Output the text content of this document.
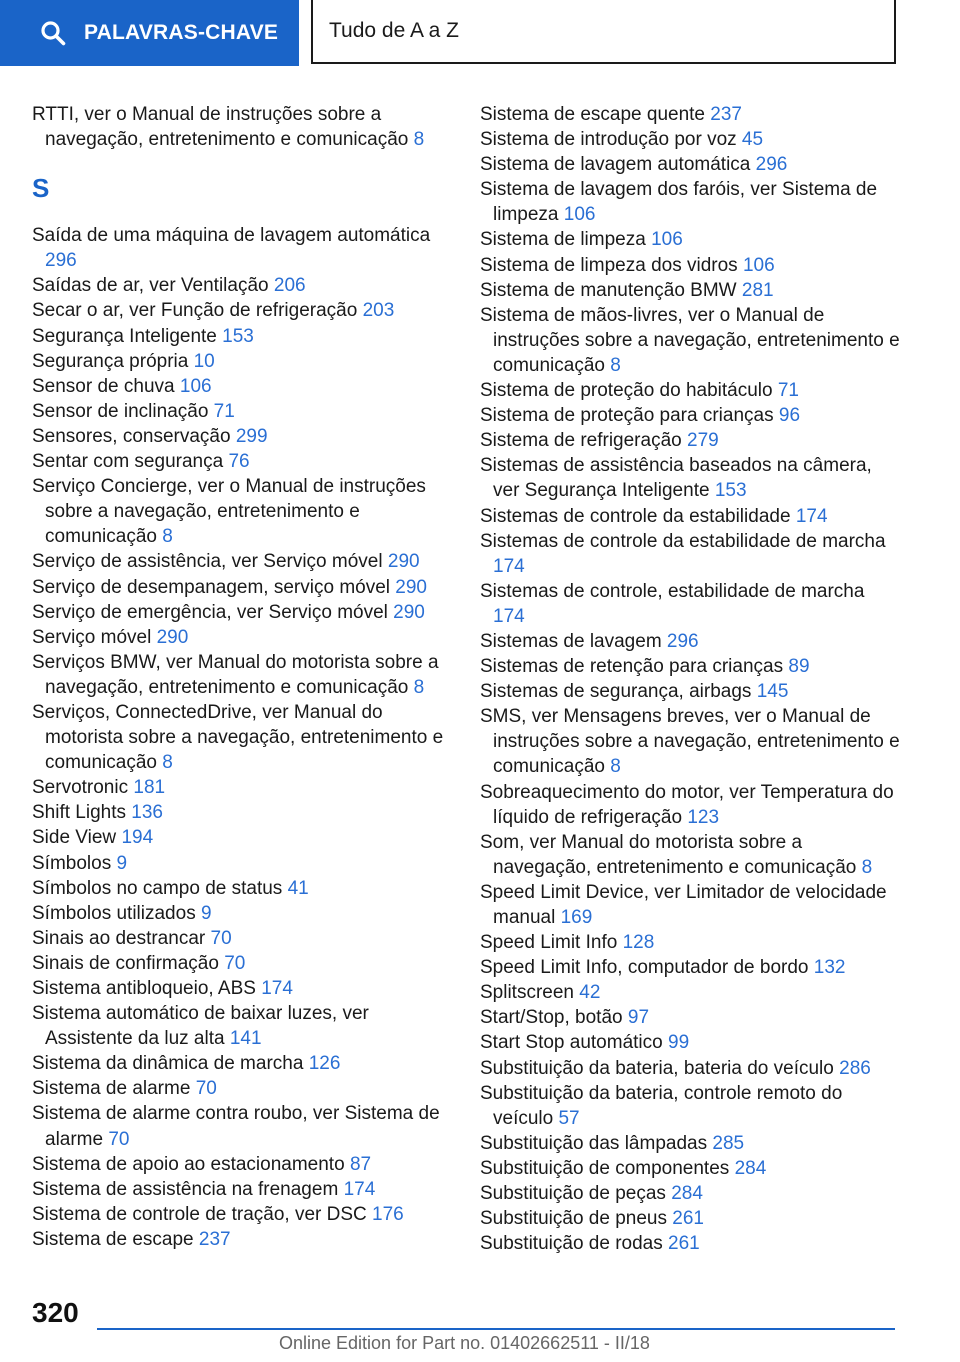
PALAVRAS-CHAVE Tudo de A a Z
RTTI, ver o Manual de instruções sobre a navegação, entretenimento e comunicação 8
S
Saída de uma máquina de lavagem automática 296
Saídas de ar, ver Ventilação 206
Secar o ar, ver Função de refrigeração 203
Segurança Inteligente 153
Segurança própria 10
Sensor de chuva 106
Sensor de inclinação 71
Sensores, conservação 299
Sentar com segurança 76
Serviço Concierge, ver o Manual de instruções sobre a navegação, entretenimento e comunicação 8
Serviço de assistência, ver Serviço móvel 290
Serviço de desempanagem, serviço móvel 290
Serviço de emergência, ver Serviço móvel 290
Serviço móvel 290
Serviços BMW, ver Manual do motorista sobre a navegação, entretenimento e comunicação 8
Serviços, ConnectedDrive, ver Manual do motorista sobre a navegação, entretenimento e comunicação 8
Servotronic 181
Shift Lights 136
Side View 194
Símbolos 9
Símbolos no campo de status 41
Símbolos utilizados 9
Sinais ao destrancar 70
Sinais de confirmação 70
Sistema antibloqueio, ABS 174
Sistema automático de baixar luzes, ver Assistente da luz alta 141
Sistema da dinâmica de marcha 126
Sistema de alarme 70
Sistema de alarme contra roubo, ver Sistema de alarme 70
Sistema de apoio ao estacionamento 87
Sistema de assistência na frenagem 174
Sistema de controle de tração, ver DSC 176
Sistema de escape 237
Sistema de escape quente 237
Sistema de introdução por voz 45
Sistema de lavagem automática 296
Sistema de lavagem dos faróis, ver Sistema de limpeza 106
Sistema de limpeza 106
Sistema de limpeza dos vidros 106
Sistema de manutenção BMW 281
Sistema de mãos-livres, ver o Manual de instruções sobre a navegação, entretenimento e comunicação 8
Sistema de proteção do habitáculo 71
Sistema de proteção para crianças 96
Sistema de refrigeração 279
Sistemas de assistência baseados na câmera, ver Segurança Inteligente 153
Sistemas de controle da estabilidade 174
Sistemas de controle da estabilidade de marcha 174
Sistemas de controle, estabilidade de marcha 174
Sistemas de lavagem 296
Sistemas de retenção para crianças 89
Sistemas de segurança, airbags 145
SMS, ver Mensagens breves, ver o Manual de instruções sobre a navegação, entretenimento e comunicação 8
Sobreaquecimento do motor, ver Temperatura do líquido de refrigeração 123
Som, ver Manual do motorista sobre a navegação, entretenimento e comunicação 8
Speed Limit Device, ver Limitador de velocidade manual 169
Speed Limit Info 128
Speed Limit Info, computador de bordo 132
Splitscreen 42
Start/Stop, botão 97
Start Stop automático 99
Substituição da bateria, bateria do veículo 286
Substituição da bateria, controle remoto do veículo 57
Substituição das lâmpadas 285
Substituição de componentes 284
Substituição de peças 284
Substituição de pneus 261
Substituição de rodas 261
320
Online Edition for Part no. 01402662511 - II/18
